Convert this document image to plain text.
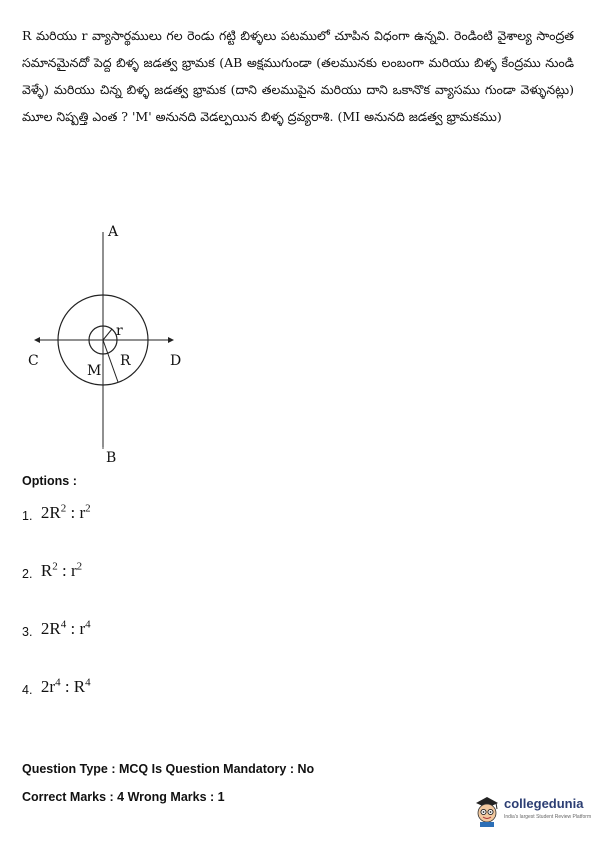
R మరియు r వ్యాసార్థములు గల రెండు గట్టి బిళ్ళలు పటములో చూపిన విధంగా ఉన్నవి. రెండింటి వైశాల్య సాంద్రత సమానమైనదో పెద్ద బిళ్ళ జడత్వ భ్రామక (AB అక్షముగుండా (తలమునకు లంబంగా మరియు బిళ్ళ కేంద్రము నుండి వెళ్ళే) మరియు చిన్న బిళ్ళ జడత్వ భ్రామక (దాని తలముపైన మరియు దాని ఒకానొక వ్యాసము గుండా వెళ్ళునట్లు) మూల నిష్పత్తి ఎంత ? 'M' అనునది వెడల్పయిన బిళ్ళ ద్రవ్యరాశి. (MI అనునది జడత్వ భ్రామకము)
A
B
C	D
r
R
M
Options :
1. $2R^2$ : $r^2$
2. $R^2$ : $r^2$
3. $2R^4$ : $r^4$
4. $2r^4$ : $R^4$
Question Type : MCQ Is Question Mandatory : No
Correct Marks : 4 Wrong Marks : 1	collegedunia
India's largest Student Review Platform
